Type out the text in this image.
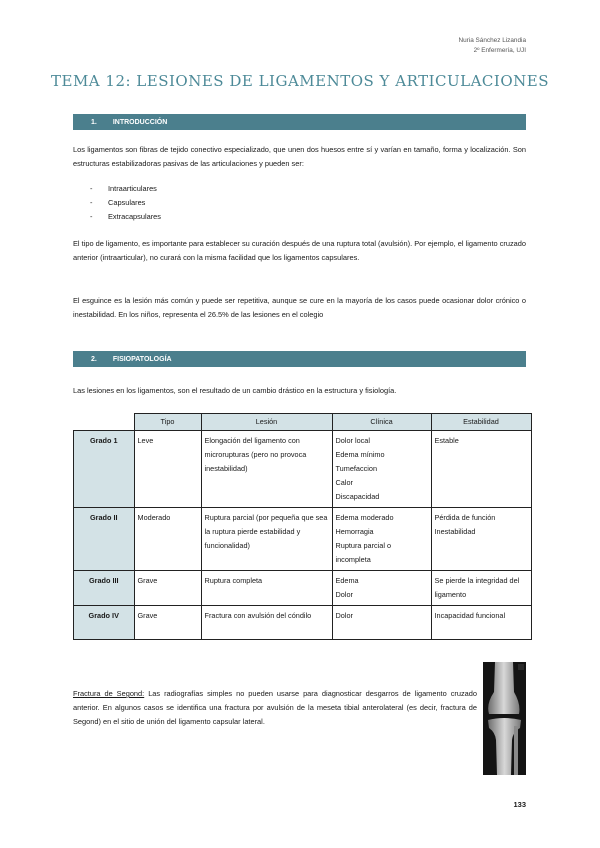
Nuria Sánchez Lizandia
2º Enfermería, UJI
TEMA 12: LESIONES DE LIGAMENTOS Y ARTICULACIONES
1. INTRODUCCIÓN

Los ligamentos son fibras de tejido conectivo especializado, que unen dos huesos entre sí y varían en tamaño, forma y localización. Son estructuras estabilizadoras pasivas de las articulaciones y pueden ser:

-	Intraarticulares
-	Capsulares
-	Extracapsulares

El tipo de ligamento, es importante para establecer su curación después de una ruptura total (avulsión). Por ejemplo, el ligamento cruzado anterior (intraarticular), no curará con la misma facilidad que los ligamentos capsulares.

El esguince es la lesión más común y puede ser repetitiva, aunque se cure en la mayoría de los casos puede ocasionar dolor crónico o inestabilidad. En los niños, representa el 26.5% de las lesiones en el colegio

2. FISIOPATOLOGÍA

Las lesiones en los ligamentos, son el resultado de un cambio drástico en la estructura y fisiología.

	Tipo	Lesión	Clínica	Estabilidad
Grado 1	Leve	Elongación del ligamento con microrupturas (pero no provoca inestabilidad)	Dolor local
Edema mínimo
Tumefaccion
Calor
Discapacidad	Estable
Grado II	Moderado	Ruptura parcial (por pequeña que sea la ruptura pierde estabilidad y funcionalidad)	Edema moderado
Hemorragia
Ruptura parcial o incompleta	Pérdida de función Inestabilidad
Grado III	Grave	Ruptura completa	Edema
Dolor	Se pierde la integridad del ligamento
Grado IV	Grave	Fractura con avulsión del cóndilo	Dolor	Incapacidad funcional

Fractura de Segond: Las radiografías simples no pueden usarse para diagnosticar desgarros de ligamento cruzado anterior. En algunos casos se identifica una fractura por avulsión de la meseta tibial anterolateral (es decir, fractura de Segond) en el sitio de unión del ligamento capsular lateral.

133
